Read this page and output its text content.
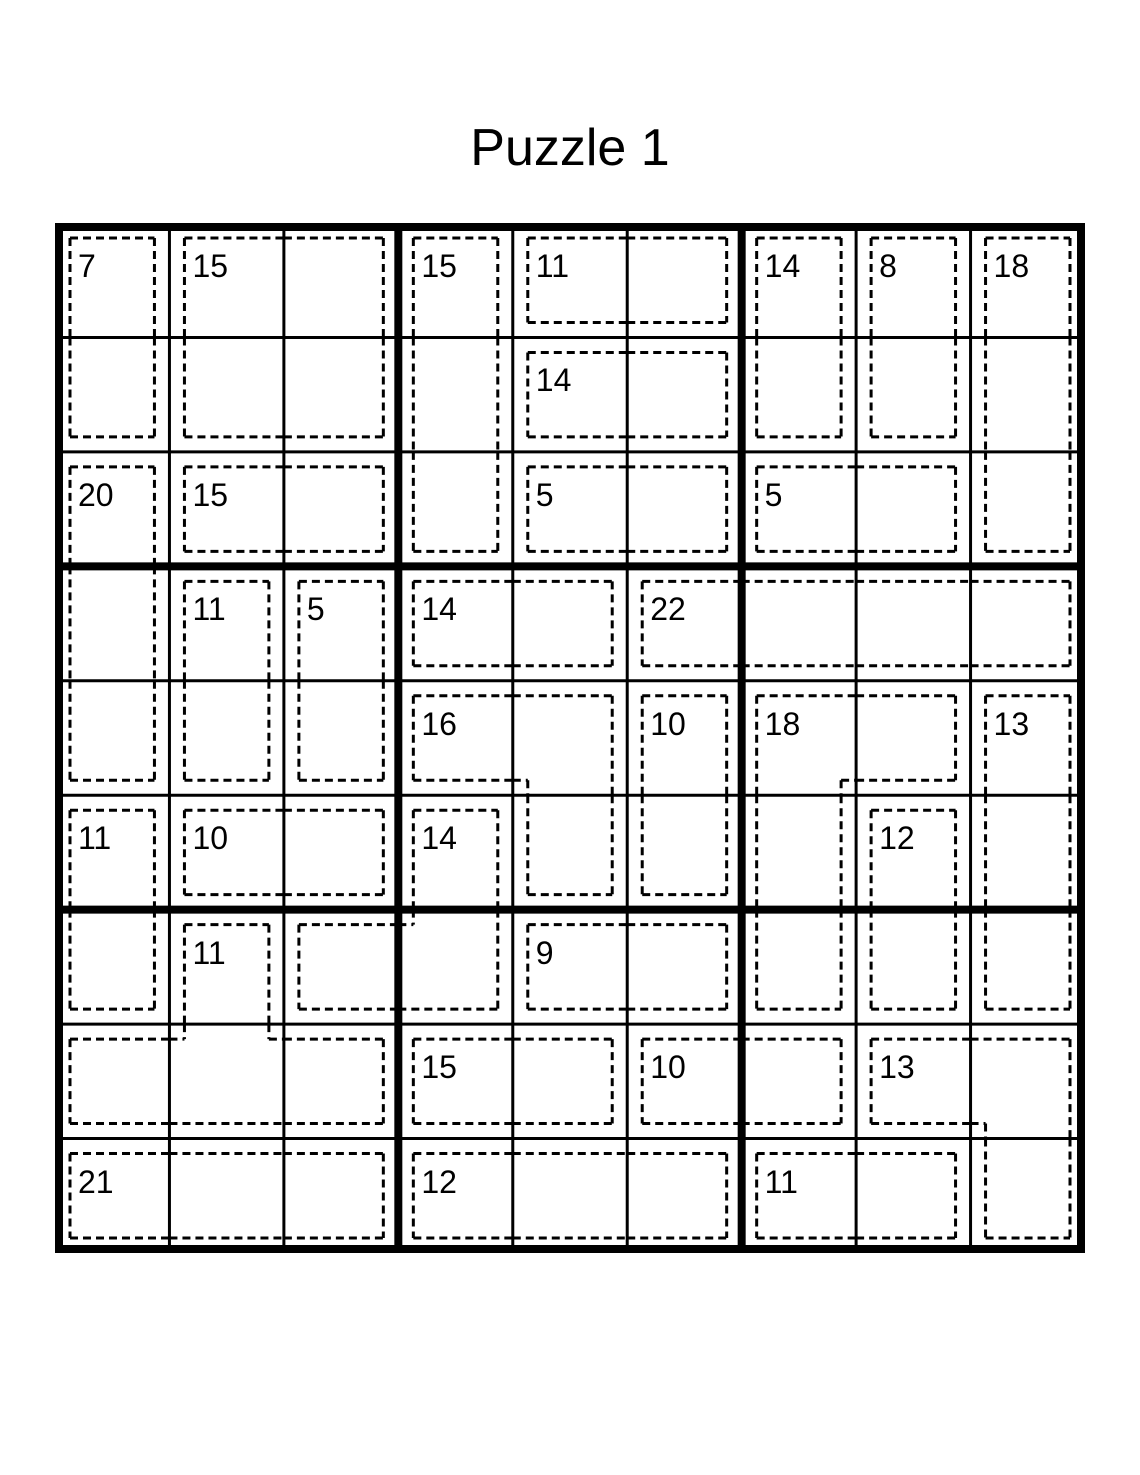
Puzzle 1
7	15	15 11	14 8	18
14
20 15	5	5
11	5	14	22
16	10 18	13
11	10	14	12
11	9
15	10	13
21	12	11
